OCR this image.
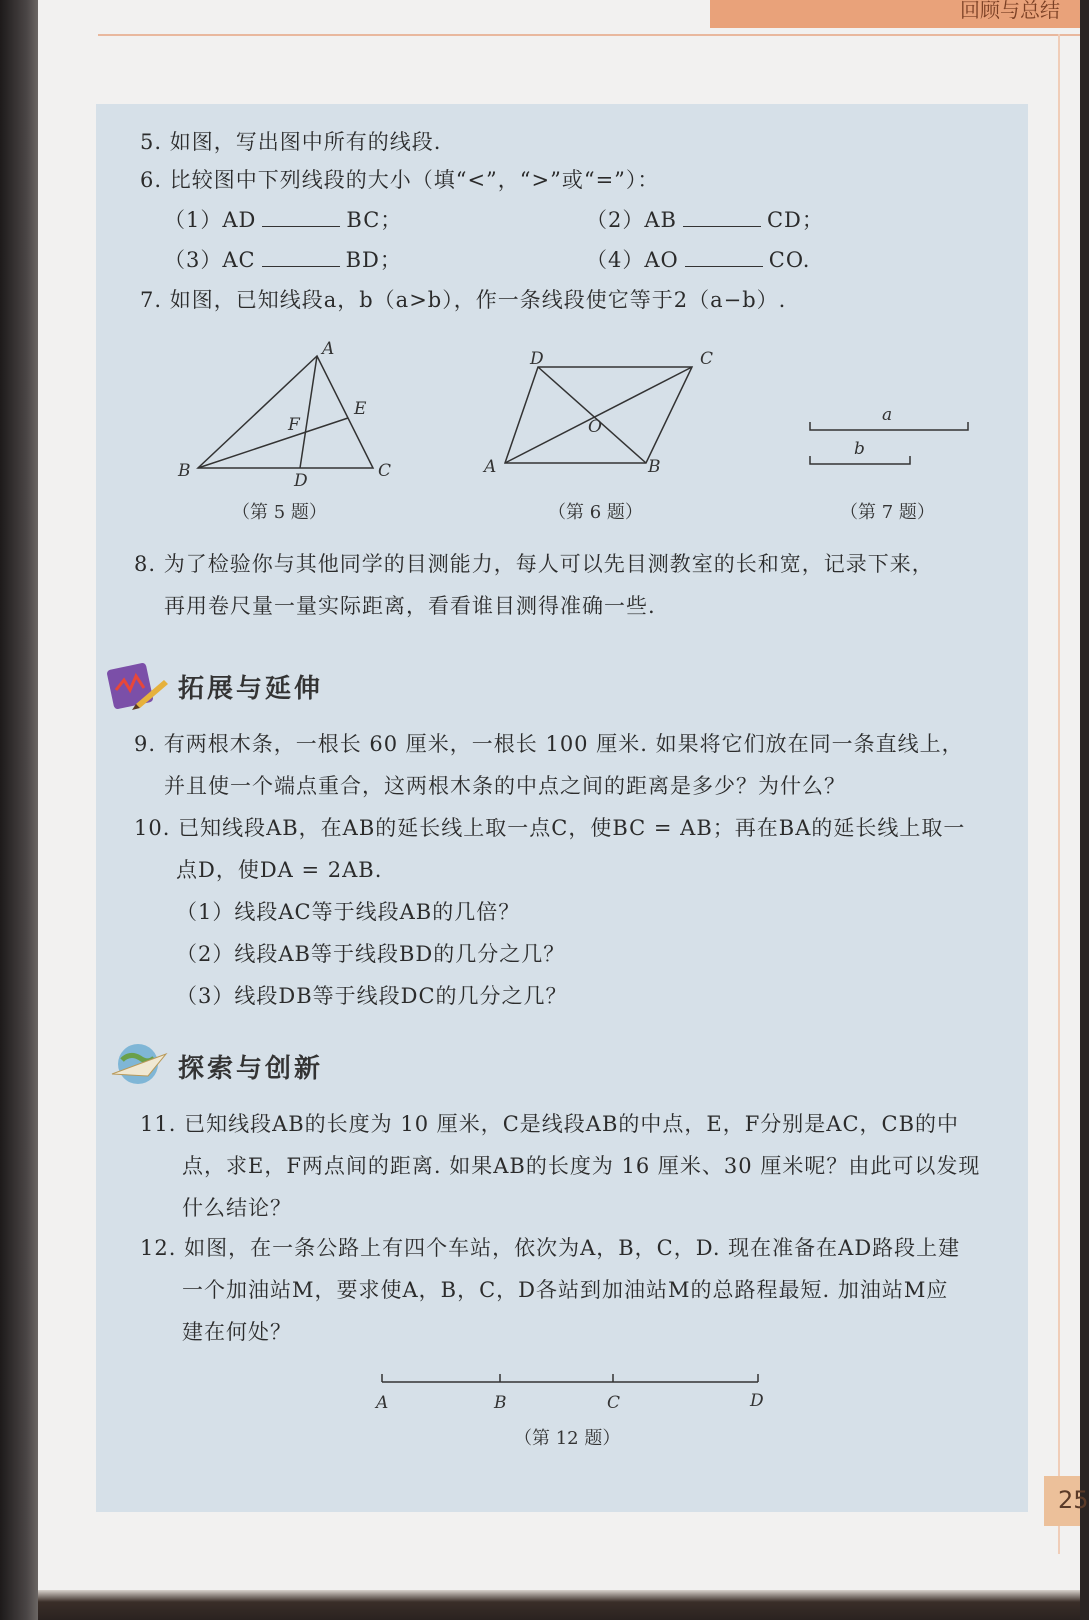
回顾与总结
25
5. 如图，写出图中所有的线段.
6. 比较图中下列线段的大小（填“<”，“>”或“=”）：
（1）AD	BC；	（2）AB	CD；
（3）AC	BD；	（4）AO	CO.
7. 如图，已知线段a，b（a>b），作一条线段使它等于2（a−b）.
A
B	C
D
E
F
（第 5 题）
D	C
A	B
O
（第 6 题）
a
b
（第 7 题）
8. 为了检验你与其他同学的目测能力，每人可以先目测教室的长和宽，记录下来，
再用卷尺量一量实际距离，看看谁目测得准确一些.
拓展与延伸
9. 有两根木条，一根长 60 厘米，一根长 100 厘米. 如果将它们放在同一条直线上，
并且使一个端点重合，这两根木条的中点之间的距离是多少？为什么？
10. 已知线段AB，在AB的延长线上取一点C，使BC = AB；再在BA的延长线上取一
点D，使DA = 2AB.
（1）线段AC等于线段AB的几倍？
（2）线段AB等于线段BD的几分之几？
（3）线段DB等于线段DC的几分之几？
探索与创新
11. 已知线段AB的长度为 10 厘米，C是线段AB的中点，E，F分别是AC，CB的中
点，求E，F两点间的距离. 如果AB的长度为 16 厘米、30 厘米呢？由此可以发现
什么结论？
12. 如图，在一条公路上有四个车站，依次为A，B，C，D. 现在准备在AD路段上建
一个加油站M，要求使A，B，C，D各站到加油站M的总路程最短. 加油站M应
建在何处？
A	B	C	D
（第 12 题）
